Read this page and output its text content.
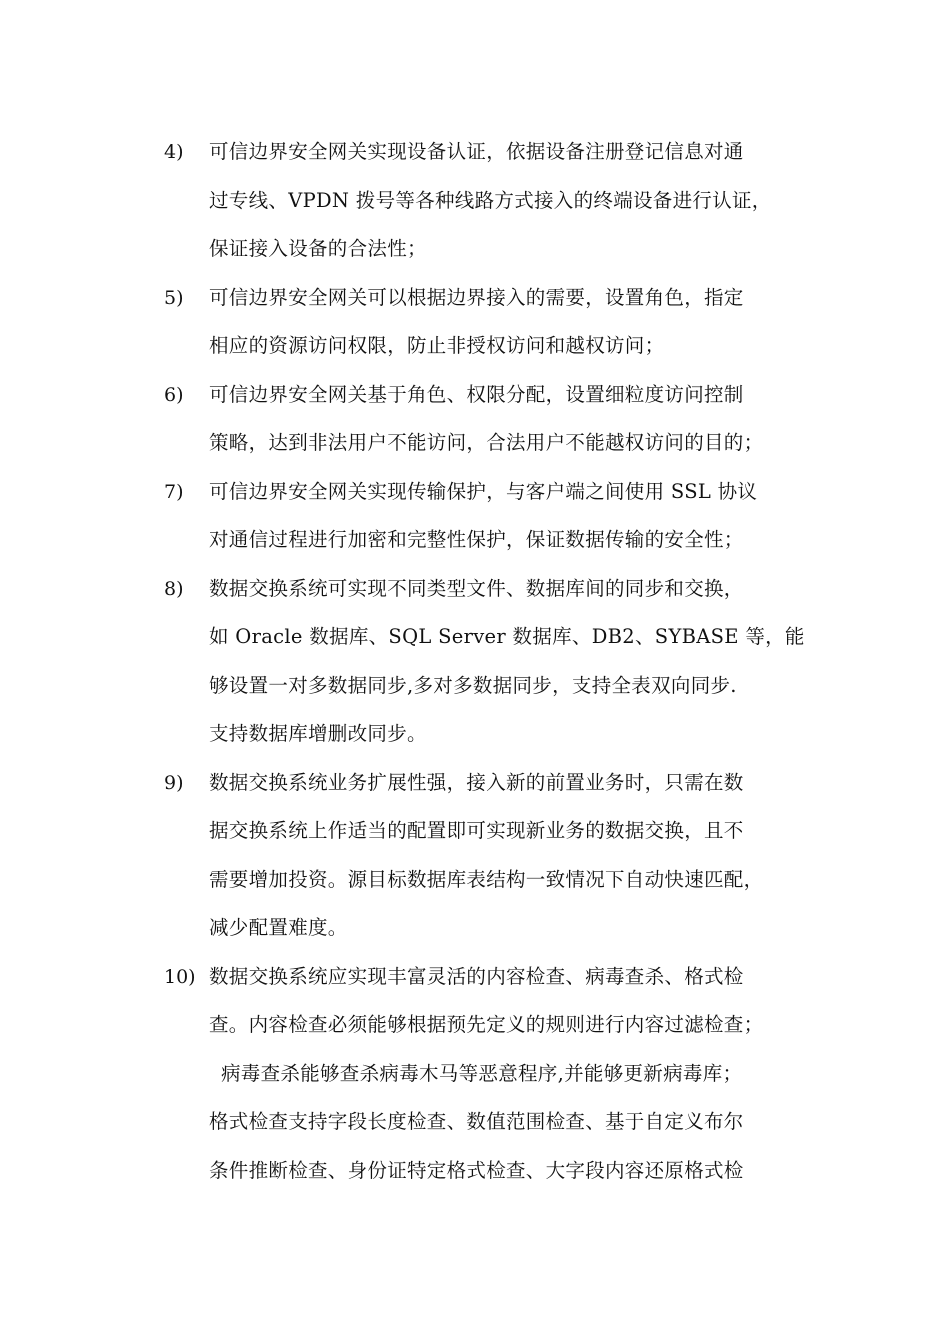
4) 可信边界安全网关实现设备认证，依据设备注册登记信息对通
过专线、VPDN 拨号等各种线路方式接入的终端设备进行认证，
保证接入设备的合法性；
5) 可信边界安全网关可以根据边界接入的需要，设置角色，指定
相应的资源访问权限，防止非授权访问和越权访问；
6) 可信边界安全网关基于角色、权限分配，设置细粒度访问控制
策略，达到非法用户不能访问，合法用户不能越权访问的目的；
7) 可信边界安全网关实现传输保护，与客户端之间使用 SSL 协议
对通信过程进行加密和完整性保护，保证数据传输的安全性；
8) 数据交换系统可实现不同类型文件、数据库间的同步和交换，
如 Oracle 数据库、SQL Server 数据库、DB2、SYBASE 等，能
够设置一对多数据同步,多对多数据同步，支持全表双向同步.
支持数据库增删改同步。
9) 数据交换系统业务扩展性强，接入新的前置业务时，只需在数
据交换系统上作适当的配置即可实现新业务的数据交换，且不
需要增加投资。源目标数据库表结构一致情况下自动快速匹配，
减少配置难度。
10) 数据交换系统应实现丰富灵活的内容检查、病毒查杀、格式检
查。内容检查必须能够根据预先定义的规则进行内容过滤检查；
病毒查杀能够查杀病毒木马等恶意程序,并能够更新病毒库；
格式检查支持字段长度检查、数值范围检查、基于自定义布尔
条件推断检查、身份证特定格式检查、大字段内容还原格式检
